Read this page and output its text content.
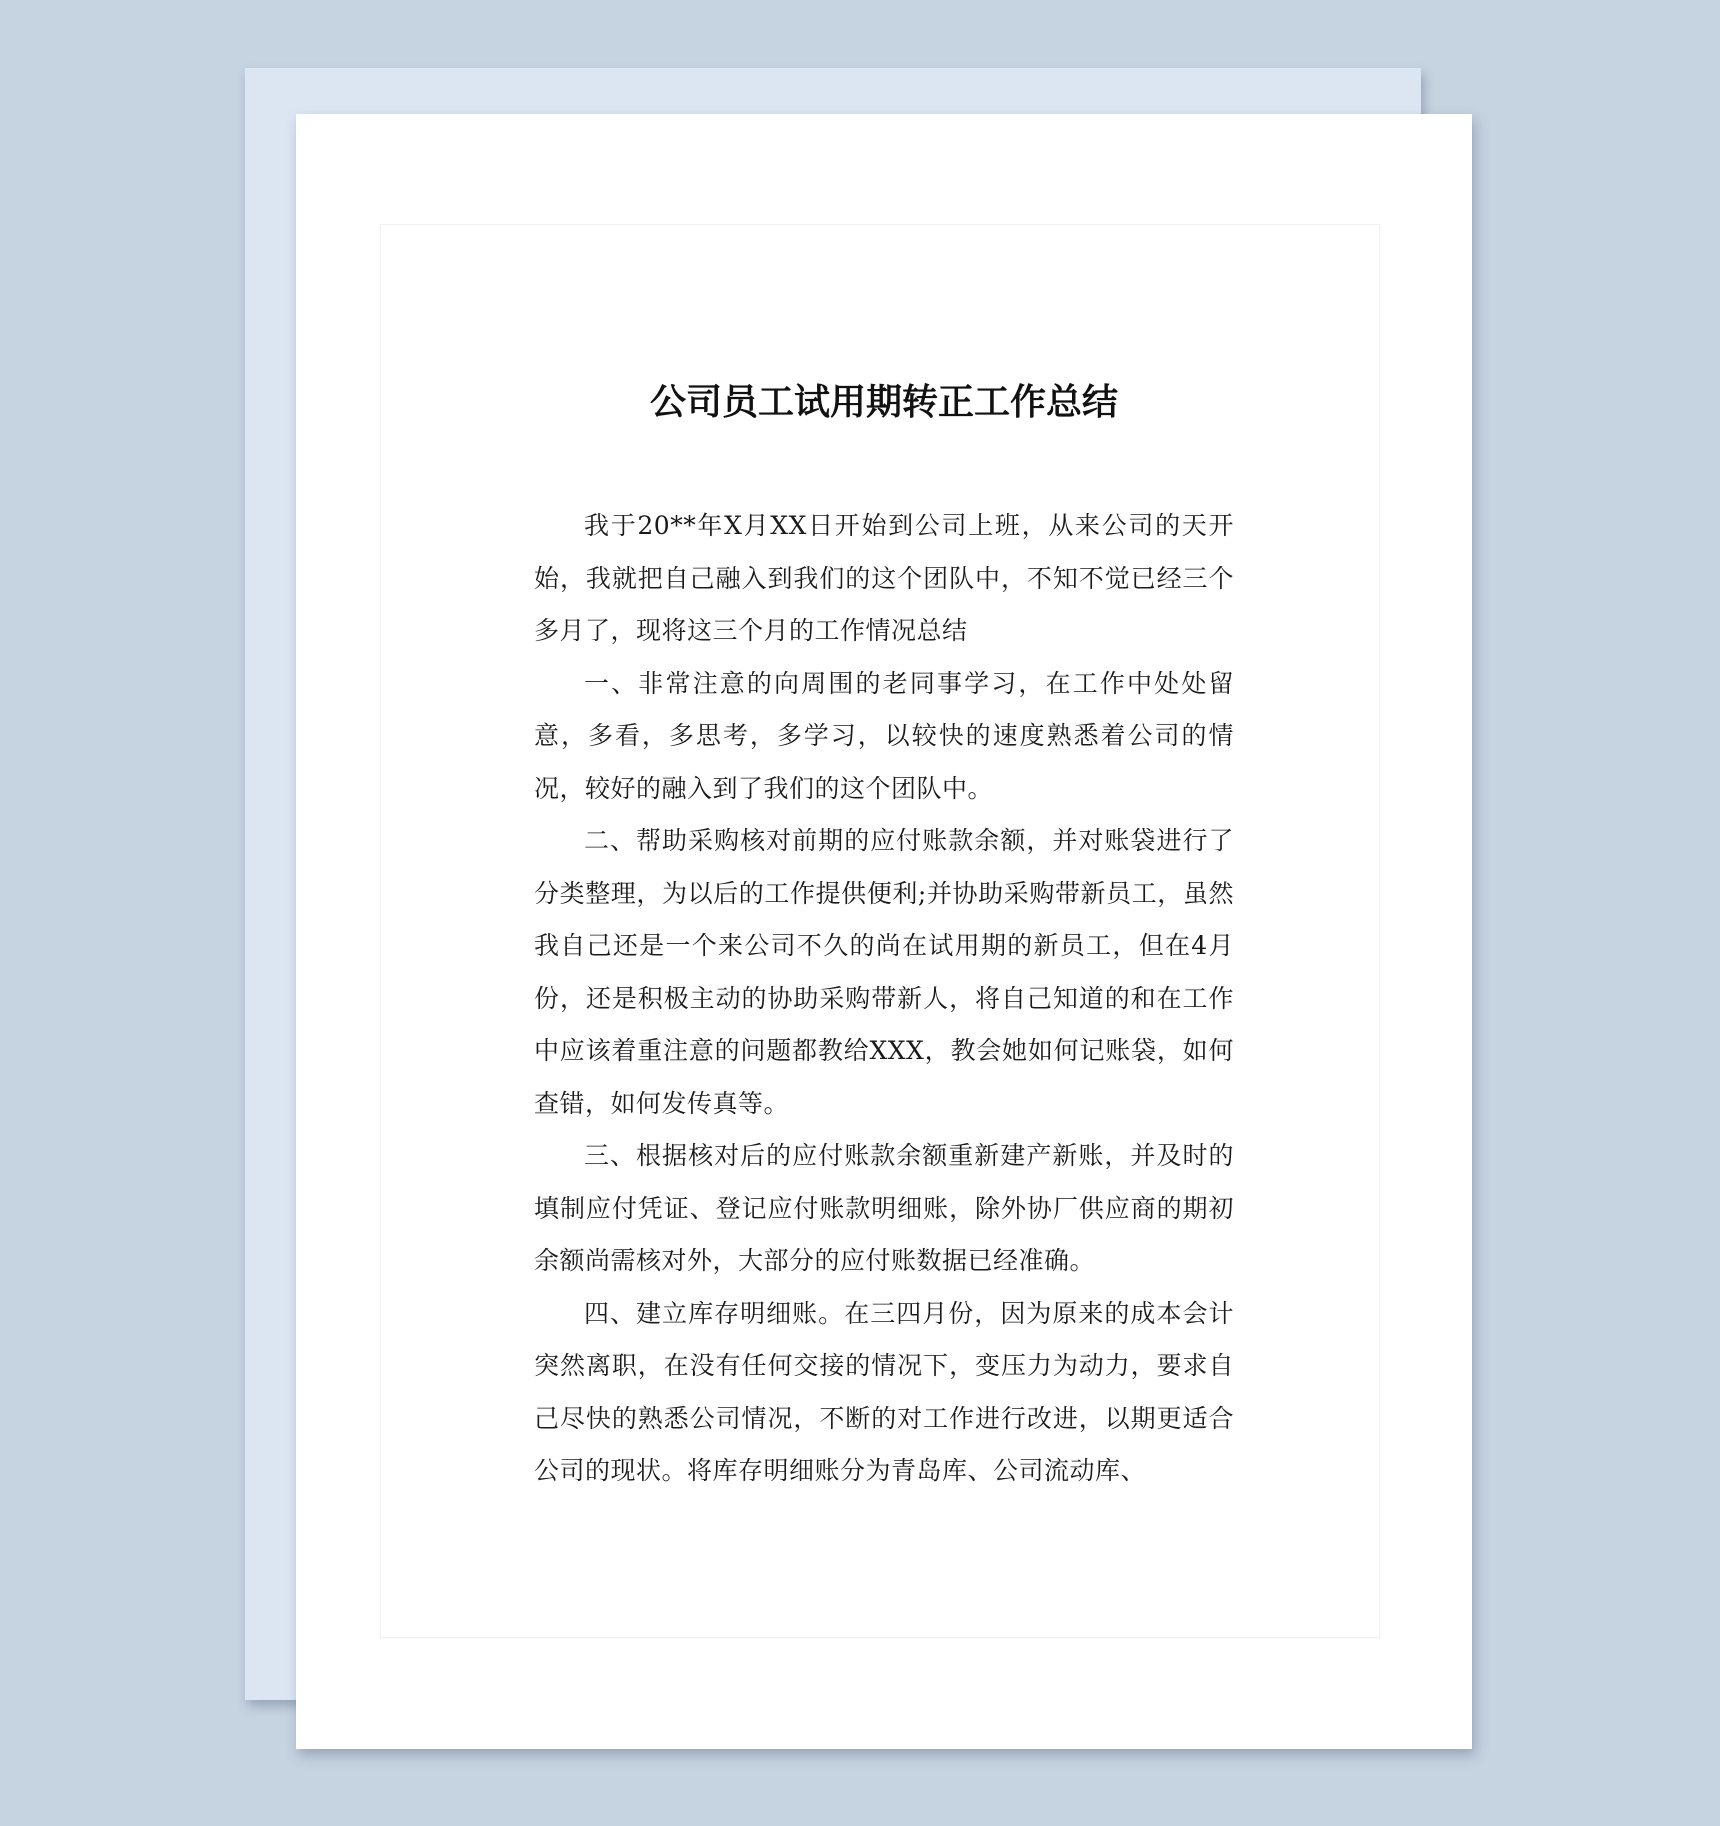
公司员工试用期转正工作总结

我于20**年X月XX日开始到公司上班，从来公司的天开始，我就把自己融入到我们的这个团队中，不知不觉已经三个多月了，现将这三个月的工作情况总结

一、非常注意的向周围的老同事学习，在工作中处处留意，多看，多思考，多学习，以较快的速度熟悉着公司的情况，较好的融入到了我们的这个团队中。

二、帮助采购核对前期的应付账款余额，并对账袋进行了分类整理，为以后的工作提供便利;并协助采购带新员工，虽然我自己还是一个来公司不久的尚在试用期的新员工，但在4月份，还是积极主动的协助采购带新人，将自己知道的和在工作中应该着重注意的问题都教给XXX，教会她如何记账袋，如何查错，如何发传真等。

三、根据核对后的应付账款余额重新建产新账，并及时的填制应付凭证、登记应付账款明细账，除外协厂供应商的期初余额尚需核对外，大部分的应付账数据已经准确。

四、建立库存明细账。在三四月份，因为原来的成本会计突然离职，在没有任何交接的情况下，变压力为动力，要求自己尽快的熟悉公司情况，不断的对工作进行改进，以期更适合公司的现状。将库存明细账分为青岛库、公司流动库、
